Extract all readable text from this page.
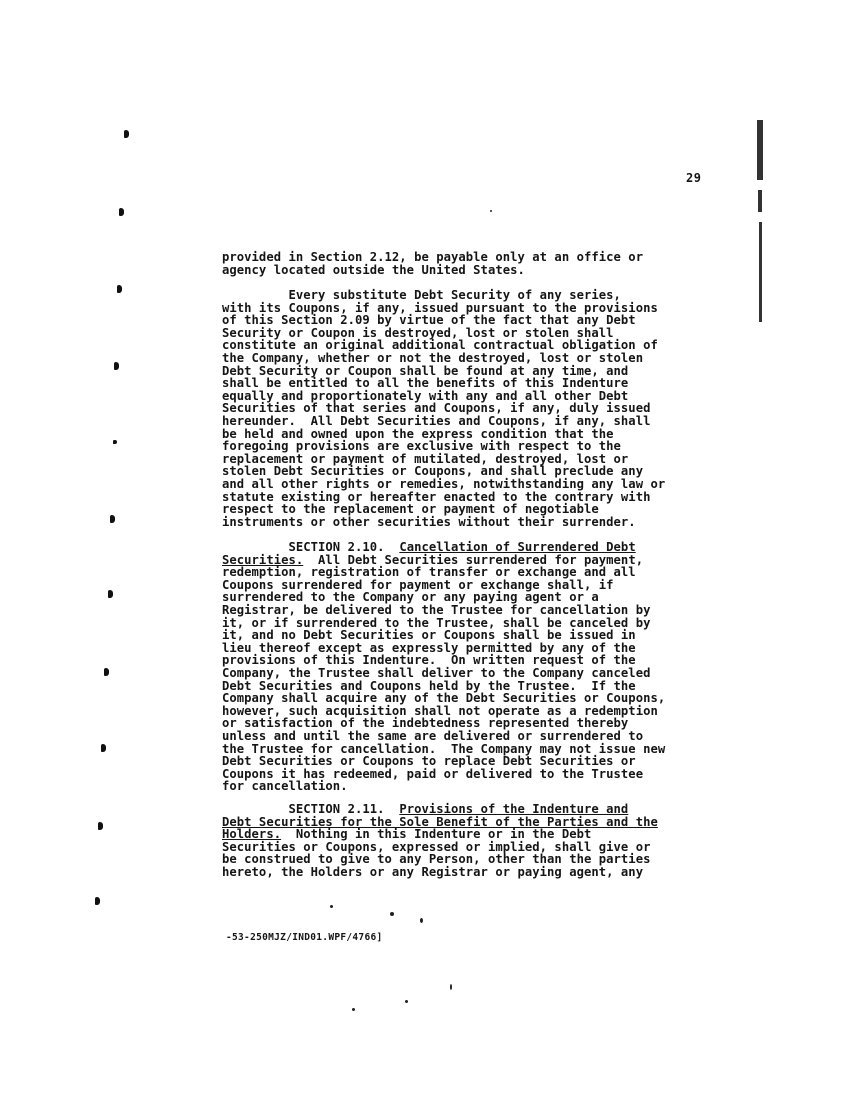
29
provided in Section 2.12, be payable only at an office or
agency located outside the United States.
Every substitute Debt Security of any series,
with its Coupons, if any, issued pursuant to the provisions
of this Section 2.09 by virtue of the fact that any Debt
Security or Coupon is destroyed, lost or stolen shall
constitute an original additional contractual obligation of
the Company, whether or not the destroyed, lost or stolen
Debt Security or Coupon shall be found at any time, and
shall be entitled to all the benefits of this Indenture
equally and proportionately with any and all other Debt
Securities of that series and Coupons, if any, duly issued
hereunder.  All Debt Securities and Coupons, if any, shall
be held and owned upon the express condition that the
foregoing provisions are exclusive with respect to the
replacement or payment of mutilated, destroyed, lost or
stolen Debt Securities or Coupons, and shall preclude any
and all other rights or remedies, notwithstanding any law or
statute existing or hereafter enacted to the contrary with
respect to the replacement or payment of negotiable
instruments or other securities without their surrender.
SECTION 2.10.  Cancellation of Surrendered Debt
Securities.  All Debt Securities surrendered for payment,
redemption, registration of transfer or exchange and all
Coupons surrendered for payment or exchange shall, if
surrendered to the Company or any paying agent or a
Registrar, be delivered to the Trustee for cancellation by
it, or if surrendered to the Trustee, shall be canceled by
it, and no Debt Securities or Coupons shall be issued in
lieu thereof except as expressly permitted by any of the
provisions of this Indenture.  On written request of the
Company, the Trustee shall deliver to the Company canceled
Debt Securities and Coupons held by the Trustee.  If the
Company shall acquire any of the Debt Securities or Coupons,
however, such acquisition shall not operate as a redemption
or satisfaction of the indebtedness represented thereby
unless and until the same are delivered or surrendered to
the Trustee for cancellation.  The Company may not issue new
Debt Securities or Coupons to replace Debt Securities or
Coupons it has redeemed, paid or delivered to the Trustee
for cancellation.
SECTION 2.11.  Provisions of the Indenture and
Debt Securities for the Sole Benefit of the Parties and the
Holders.  Nothing in this Indenture or in the Debt
Securities or Coupons, expressed or implied, shall give or
be construed to give to any Person, other than the parties
hereto, the Holders or any Registrar or paying agent, any
-53-250MJZ/IND01.WPF/4766]
